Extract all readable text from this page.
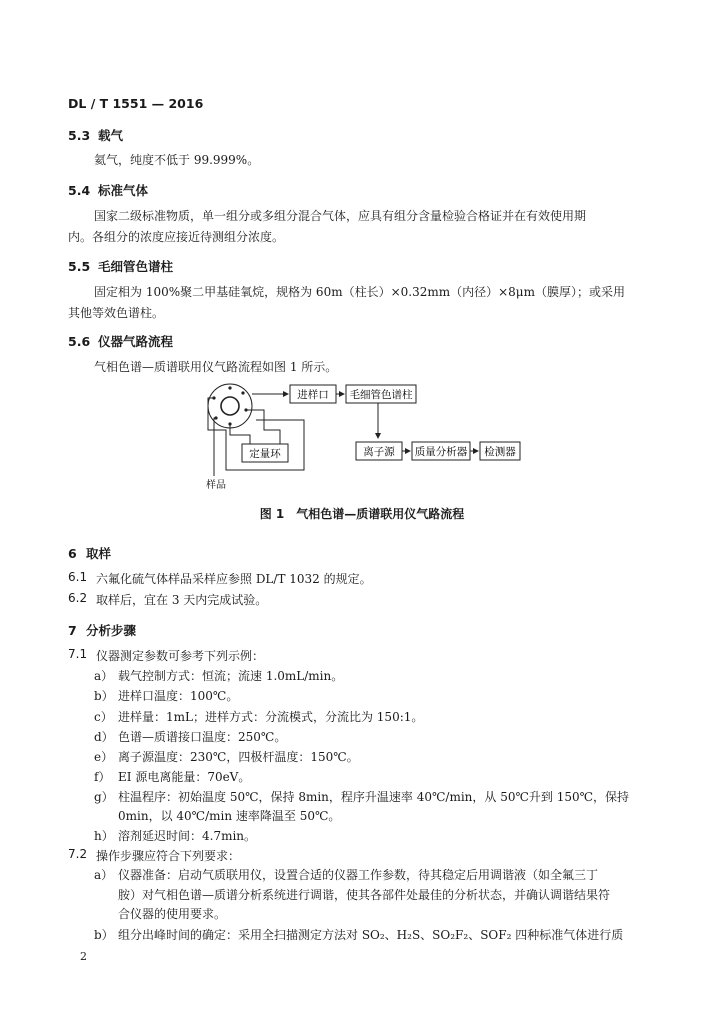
DL / T 1551 — 2016
5.3 载气
氦气，纯度不低于 99.999%。
5.4 标准气体
国家二级标准物质，单一组分或多组分混合气体，应具有组分含量检验合格证并在有效使用期
内。各组分的浓度应接近待测组分浓度。
5.5 毛细管色谱柱
固定相为 100%聚二甲基硅氧烷，规格为 60m（柱长）×0.32mm（内径）×8μm（膜厚）；或采用
其他等效色谱柱。
5.6 仪器气路流程
气相色谱—质谱联用仪气路流程如图 1 所示。
进样口 毛细管色谱柱
离子源 质量分析器 检测器
定量环
样品
图 1　气相色谱—质谱联用仪气路流程
6 取样
6.1 六氟化硫气体样品采样应参照 DL/T 1032 的规定。
6.2 取样后，宜在 3 天内完成试验。
7 分析步骤
7.1 仪器测定参数可参考下列示例：
a） 载气控制方式：恒流；流速 1.0mL/min。
b） 进样口温度：100℃。
c） 进样量：1mL；进样方式：分流模式，分流比为 150:1。
d） 色谱—质谱接口温度：250℃。
e） 离子源温度：230℃，四极杆温度：150℃。
f） EI 源电离能量：70eV。
g） 柱温程序：初始温度 50℃，保持 8min，程序升温速率 40℃/min，从 50℃升到 150℃，保持
0min，以 40℃/min 速率降温至 50℃。
h） 溶剂延迟时间：4.7min。
7.2 操作步骤应符合下列要求：
a） 仪器准备：启动气质联用仪，设置合适的仪器工作参数，待其稳定后用调谐液（如全氟三丁
胺）对气相色谱—质谱分析系统进行调谐，使其各部件处最佳的分析状态，并确认调谐结果符
合仪器的使用要求。
b） 组分出峰时间的确定：采用全扫描测定方法对 SO₂、H₂S、SO₂F₂、SOF₂ 四种标准气体进行质
2
